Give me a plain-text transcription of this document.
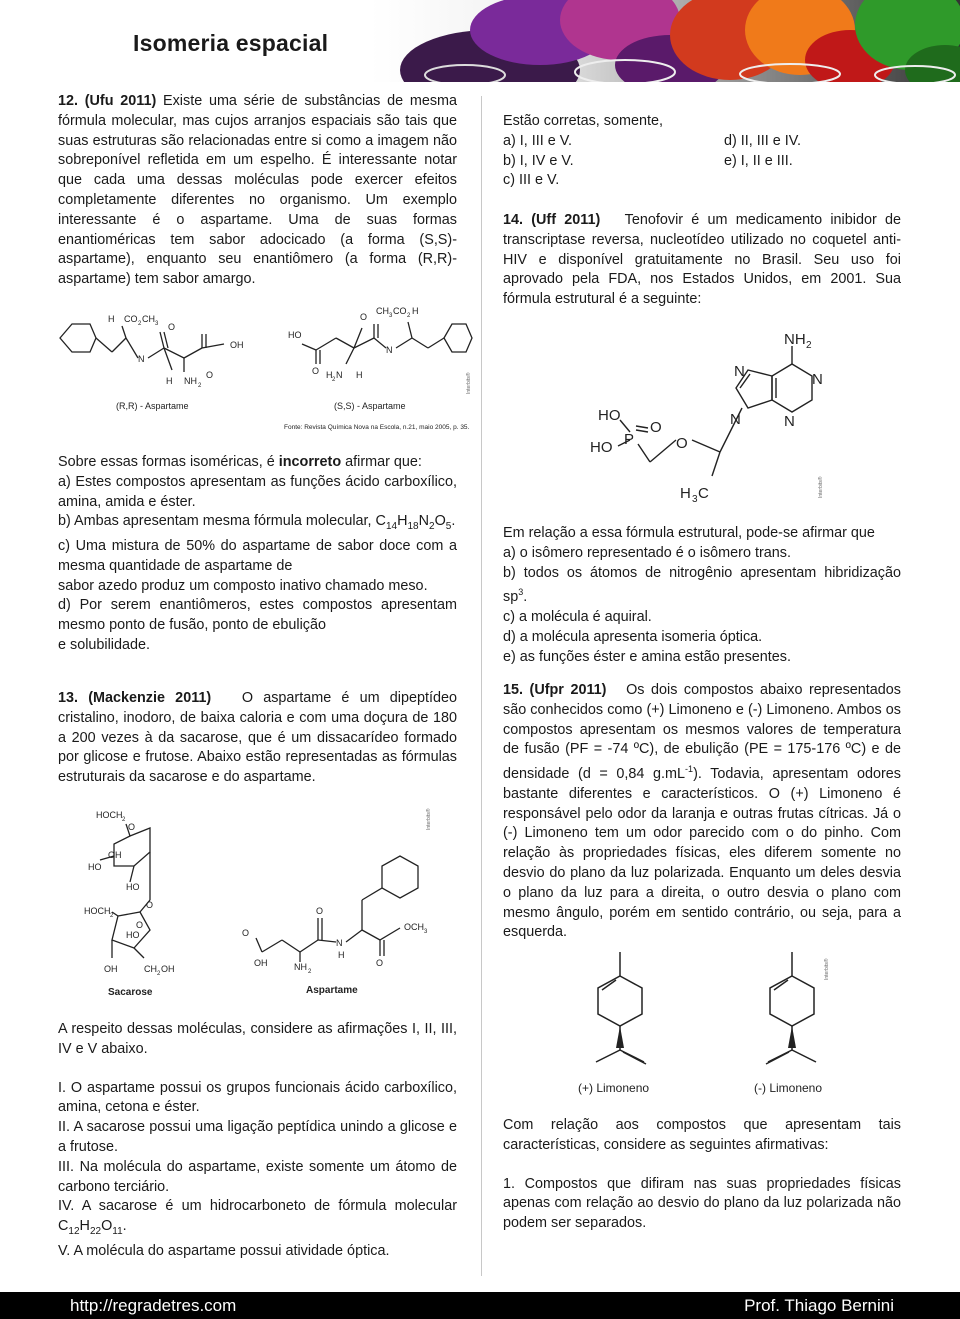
Isomeria espacial

12. (Ufu 2011) Existe uma série de substâncias de mesma fórmula molecular, mas cujos arranjos espaciais são tais que suas estruturas são relacionadas entre si como a imagem não sobreponível refletida em um espelho. É interessante notar que cada uma dessas moléculas pode exercer efeitos completamente diferentes no organismo. Um exemplo interessante é o aspartame. Uma de suas formas enantioméricas tem sabor adocicado (a forma (S,S)-aspartame), enquanto seu enantiômero (a forma (R,R)-aspartame) tem sabor amargo.

H CO 2 CH 3 O
N
OH
H NH 2
O
HO
O H 2 N H
O
CH 3 CO 2 H
N
(R,R) - Aspartame	(S,S) - Aspartame
Fonte: Revista Química Nova na Escola, n.21, maio 2005, p. 35.
Interbits®

Sobre essas formas isoméricas, é incorreto afirmar que:

a) Estes compostos apresentam as funções ácido carboxílico, amina, amida e éster.

b) Ambas apresentam mesma fórmula molecular, $C_{14}H_{18}N_2O_5$.

c) Uma mistura de 50% do aspartame de sabor doce com a mesma quantidade de aspartame de

sabor azedo produz um composto inativo chamado meso.

d) Por serem enantiômeros, estes compostos apresentam mesmo ponto de fusão, ponto de ebulição

e solubilidade.

13. (Mackenzie 2011) O aspartame é um dipeptídeo cristalino, inodoro, de baixa caloria e com uma doçura de 180 a 200 vezes à da sacarose, que é um dissacarídeo formado por glicose e frutose. Abaixo estão representadas as fórmulas estruturais da sacarose e do aspartame.

HOCH 2
O
OH
HO
HO
O
HOCH 2
O
HO
OH	CH 2 OH
O
OH	NH 2
O
N
H
O
OCH 3
Sacarose	Aspartame
Interbits®

A respeito dessas moléculas, considere as afirmações I, II, III, IV e V abaixo.

I. O aspartame possui os grupos funcionais ácido carboxílico, amina, cetona e éster.

II. A sacarose possui uma ligação peptídica unindo a glicose e a frutose.

III. Na molécula do aspartame, existe somente um átomo de carbono terciário.

IV. A sacarose é um hidrocarboneto de fórmula molecular $C_{12}H_{22}O_{11}$.

V. A molécula do aspartame possui atividade óptica.

Estão corretas, somente,

a) I, III e V.	d) II, III e IV.
b) I, IV e V.	e) I, II e III.

c) III e V.

14. (Uff 2011) Tenofovir é um medicamento inibidor de transcriptase reversa, nucleotídeo utilizado no coquetel anti-HIV e disponível gratuitamente no Brasil. Seu uso foi aprovado pela FDA, nos Estados Unidos, em 2001. Sua fórmula estrutural é a seguinte:

NH 2
N	N
N	N
HO
HO P
O
O
H 3 C	Interbits®

Em relação a essa fórmula estrutural, pode-se afirmar que

a) o isômero representado é o isômero trans.

b) todos os átomos de nitrogênio apresentam hibridização $sp^3$.

c) a molécula é aquiral.

d) a molécula apresenta isomeria óptica.

e) as funções éster e amina estão presentes.

15. (Ufpr 2011) Os dois compostos abaixo representados são conhecidos como (+) Limoneno e (-) Limoneno. Ambos os compostos apresentam os mesmos valores de temperatura de fusão (PF = -74 ºC), de ebulição (PE = 175-176 ºC) e de densidade (d = 0,84 $g.mL^{-1}$). Todavia, apresentam odores bastante diferentes e característicos. O (+) Limoneno é responsável pelo odor da laranja e outras frutas cítricas. Já o (-) Limoneno tem um odor parecido com o do pinho. Com relação às propriedades físicas, eles diferem somente no desvio do plano da luz polarizada. Enquanto um deles desvia o plano da luz para a direita, o outro desvia o plano com mesmo ângulo, porém em sentido contrário, ou seja, para a esquerda.

(+) Limoneno	(-) Limoneno
Interbits®

Com relação aos compostos que apresentam tais características, considere as seguintes afirmativas:

1. Compostos que difiram nas suas propriedades físicas apenas com relação ao desvio do plano da luz polarizada não podem ser separados.

http://regradetres.com	Prof. Thiago Bernini
